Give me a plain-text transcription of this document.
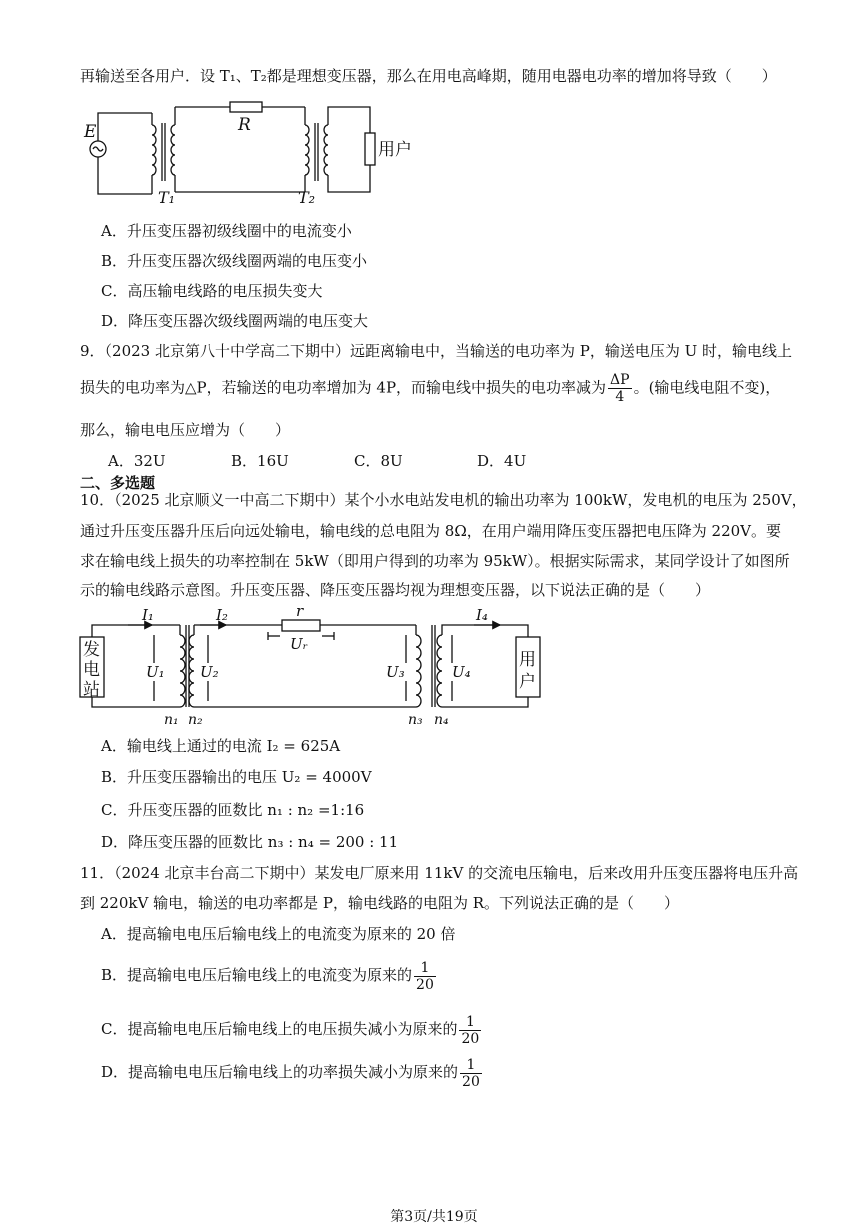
再输送至各用户．设 T₁、T₂都是理想变压器，那么在用电高峰期，随用电器电功率的增加将导致（　　）
E	R
T₁	T₂
用户
A．升压变压器初级线圈中的电流变小
B．升压变压器次级线圈两端的电压变小
C．高压输电线路的电压损失变大
D．降压变压器次级线圈两端的电压变大
9．（2023 北京第八十中学高二下期中）远距离输电中，当输送的电功率为 P，输送电压为 U 时，输电线上
损失的电功率为△P，若输送的电功率增加为 4P，而输电线中损失的电功率减为 $\frac{\Delta P}{4}$ 。(输电线电阻不变)，
那么，输电电压应增为（　　）
A．32U	B．16U	C．8U	D．4U
二、多选题
10．（2025 北京顺义一中高二下期中）某个小水电站发电机的输出功率为 100kW，发电机的电压为 250V，
通过升压变压器升压后向远处输电，输电线的总电阻为 8Ω，在用户端用降压变压器把电压降为 220V。要
求在输电线上损失的功率控制在 5kW（即用户得到的功率为 95kW）。根据实际需求，某同学设计了如图所
示的输电线路示意图。升压变压器、降压变压器均视为理想变压器，以下说法正确的是（　　）
发
电
站
用
户
I₁	I₂	I₄
r
Uᵣ
U₁ U₂	U₃	U₄
n₁ n₂	n₃ n₄
A．输电线上通过的电流 I₂ = 625A
B．升压变压器输出的电压 U₂ = 4000V
C．升压变压器的匝数比 n₁ : n₂ =1:16
D．降压变压器的匝数比 n₃ : n₄ = 200 : 11
11．（2024 北京丰台高二下期中）某发电厂原来用 11kV 的交流电压输电，后来改用升压变压器将电压升高
到 220kV 输电，输送的电功率都是 P，输电线路的电阻为 R。下列说法正确的是（　　）
A．提高输电电压后输电线上的电流变为原来的 20 倍
B．提高输电电压后输电线上的电流变为原来的 $\frac{1}{20}$
C．提高输电电压后输电线上的电压损失减小为原来的 $\frac{1}{20}$
D．提高输电电压后输电线上的功率损失减小为原来的 $\frac{1}{20}$
第3页/共19页
